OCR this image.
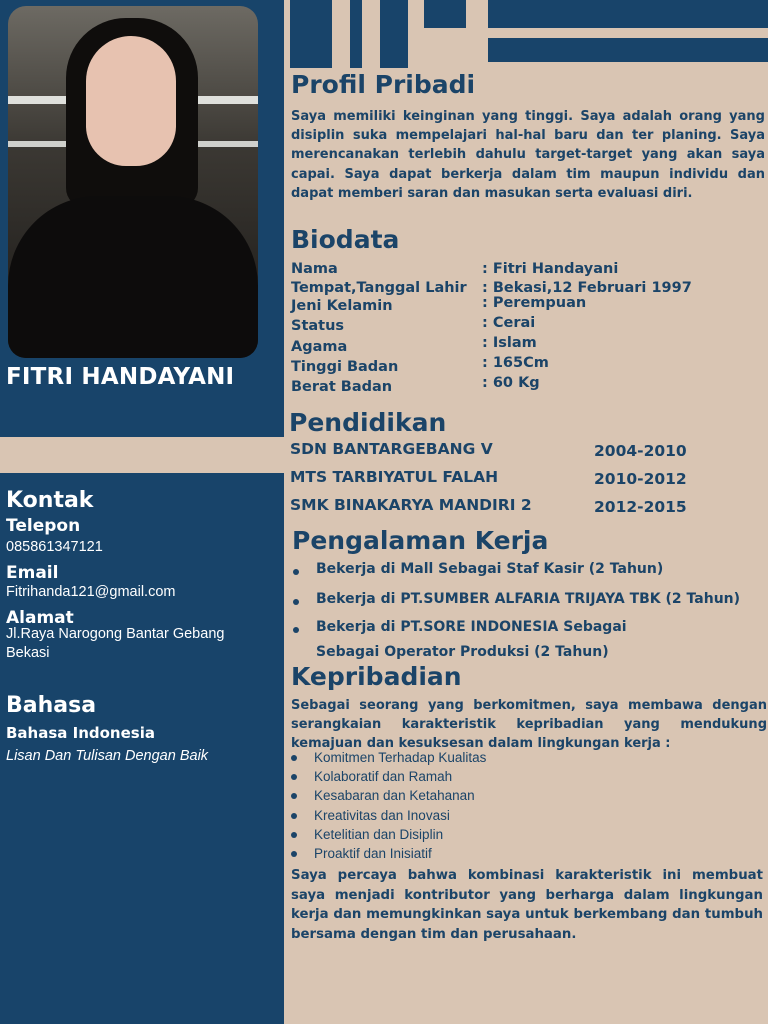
FITRI HANDAYANI
Kontak
Telepon
085861347121
Email
Fitrihanda121@gmail.com
Alamat
Jl.Raya Narogong Bantar Gebang
Bekasi
Bahasa
Bahasa Indonesia
Lisan Dan Tulisan Dengan Baik
Profil Pribadi
Saya memiliki keinginan yang tinggi. Saya adalah orang yang disiplin suka mempelajari hal-hal baru dan ter planing. Saya merencanakan terlebih dahulu target-target yang akan saya capai. Saya dapat berkerja dalam tim maupun individu dan dapat memberi saran dan masukan serta evaluasi diri.
Biodata
Nama	: Fitri Handayani
Tempat,Tanggal Lahir : Bekasi,12 Februari 1997
Jeni Kelamin	: Perempuan
Status	: Cerai
Agama	: Islam
Tinggi Badan	: 165Cm
Berat Badan	: 60 Kg
Pendidikan
SDN BANTARGEBANG V	2004-2010
MTS TARBIYATUL FALAH	2010-2012
SMK BINAKARYA MANDIRI 2	2012-2015
Pengalaman Kerja
Bekerja di Mall Sebagai Staf Kasir (2 Tahun)
Bekerja di PT.SUMBER ALFARIA TRIJAYA TBK (2 Tahun)
Bekerja di PT.SORE INDONESIA Sebagai
Sebagai Operator Produksi (2 Tahun)
Kepribadian
Sebagai seorang yang berkomitmen, saya membawa dengan serangkaian karakteristik kepribadian yang mendukung kemajuan dan kesuksesan dalam lingkungan kerja :
Komitmen Terhadap Kualitas
Kolaboratif dan Ramah
Kesabaran dan Ketahanan
Kreativitas dan Inovasi
Ketelitian dan Disiplin
Proaktif dan Inisiatif
Saya percaya bahwa kombinasi karakteristik ini membuat saya menjadi kontributor yang berharga dalam lingkungan kerja dan memungkinkan saya untuk berkembang dan tumbuh bersama dengan tim dan perusahaan.
